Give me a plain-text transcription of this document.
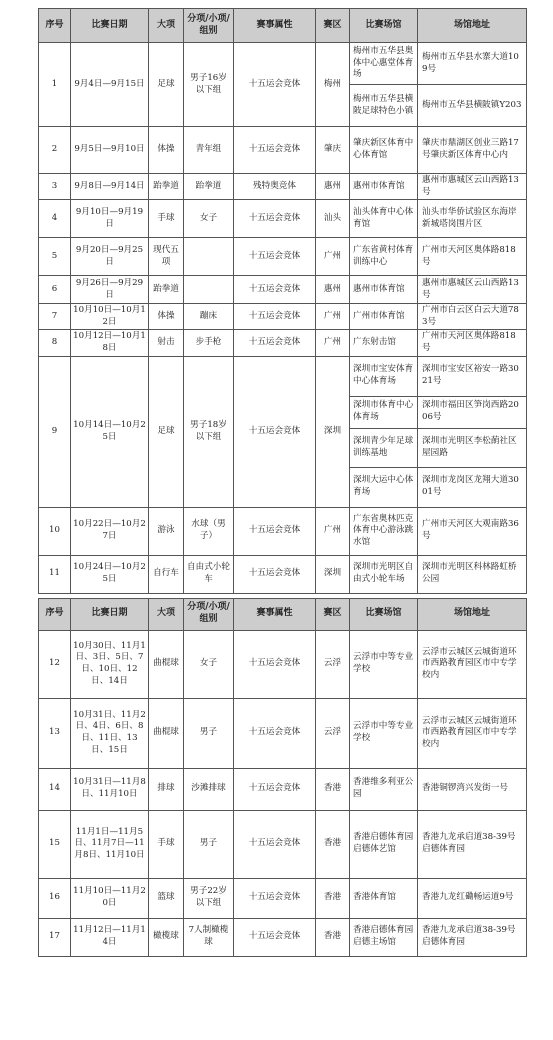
序号	比赛日期	大项	分项/小项/组别	赛事属性	赛区	比赛场馆	场馆地址
1	9月4日—9月15日	足球	男子16岁以下组	十五运会竞体	梅州	梅州市五华县奥体中心惠堂体育场	梅州市五华县水寨大道109号
						梅州市五华县横陂足球特色小镇	梅州市五华县横陂镇Y203
2	9月5日—9月10日	体操	青年组	十五运会竞体	肇庆	肇庆新区体育中心体育馆	肇庆市鼎湖区创业三路17号肇庆新区体育中心内
3	9月8日—9月14日	跆拳道	跆拳道	残特奥竞体	惠州	惠州市体育馆	惠州市惠城区云山西路13号
4	9月10日—9月19日	手球	女子	十五运会竞体	汕头	汕头体育中心体育馆	汕头市华侨试验区东海岸新城塔岗围片区
5	9月20日—9月25日	现代五项		十五运会竞体	广州	广东省黄村体育训练中心	广州市天河区奥体路818号
6	9月26日—9月29日	跆拳道		十五运会竞体	惠州	惠州市体育馆	惠州市惠城区云山西路13号
7	10月10日—10月12日	体操	蹦床	十五运会竞体	广州	广州市体育馆	广州市白云区白云大道783号
8	10月12日—10月18日	射击	步手枪	十五运会竞体	广州	广东射击馆	广州市天河区奥体路818号
9	10月14日—10月25日	足球	男子18岁以下组	十五运会竞体	深圳	深圳市宝安体育中心体育场	深圳市宝安区裕安一路3021号
						深圳市体育中心体育场	深圳市福田区笋岗西路2006号
						深圳青少年足球训练基地	深圳市光明区李松蓢社区屋园路
						深圳大运中心体育场	深圳市龙岗区龙翔大道3001号
10	10月22日—10月27日	游泳	水球（男子）	十五运会竞体	广州	广东省奥林匹克体育中心游泳跳水馆	广州市天河区大观南路36号
11	10月24日—10月25日	自行车	自由式小轮车	十五运会竞体	深圳	深圳市光明区自由式小轮车场	深圳市光明区科林路虹桥公园
序号	比赛日期	大项	分项/小项/组别	赛事属性	赛区	比赛场馆	场馆地址
12	10月30日、11月1日、3日、5日、7日、10日、12日、14日	曲棍球	女子	十五运会竞体	云浮	云浮市中等专业学校	云浮市云城区云城街道环市西路教育园区市中专学校内
13	10月31日、11月2日、4日、6日、8日、11日、13日、15日	曲棍球	男子	十五运会竞体	云浮	云浮市中等专业学校	云浮市云城区云城街道环市西路教育园区市中专学校内
14	10月31日—11月8日、11月10日	排球	沙滩排球	十五运会竞体	香港	香港维多利亚公园	香港铜锣湾兴发街一号
15	11月1日—11月5日、11月7日—11月8日、11月10日	手球	男子	十五运会竞体	香港	香港启德体育园启德体艺馆	香港九龙承启道38-39号启德体育园
16	11月10日—11月20日	篮球	男子22岁以下组	十五运会竞体	香港	香港体育馆	香港九龙红磡畅运道9号
17	11月12日—11月14日	橄榄球	7人制橄榄球	十五运会竞体	香港	香港启德体育园启德主场馆	香港九龙承启道38-39号启德体育园
